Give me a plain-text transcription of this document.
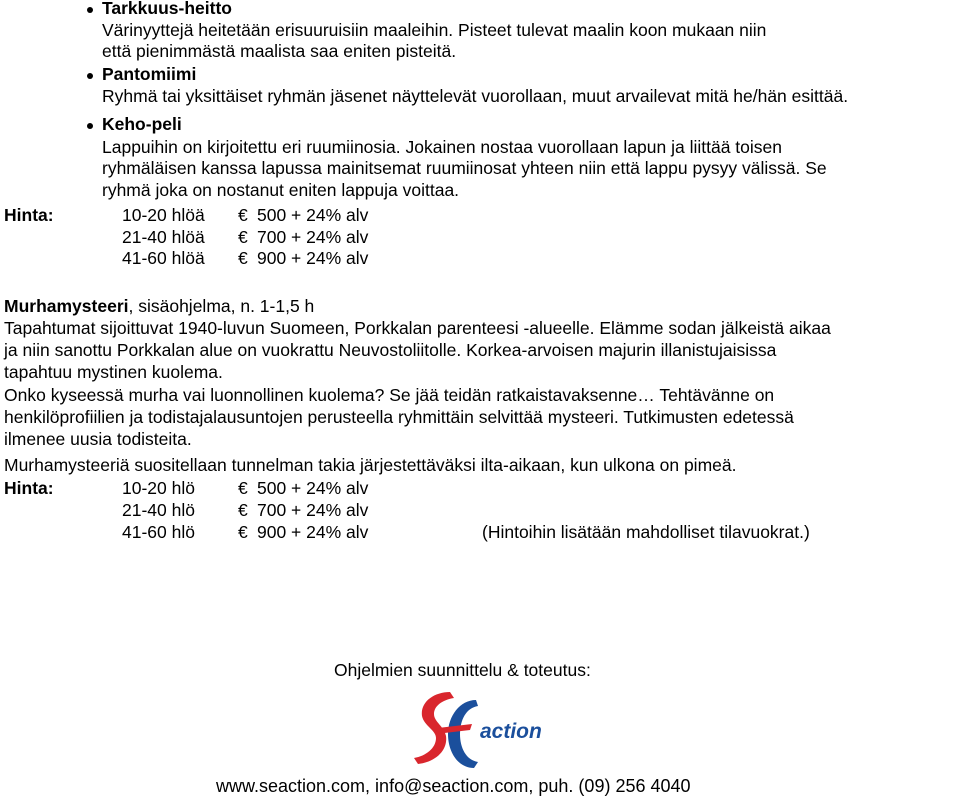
Tarkkuus-heitto
Värinyyttejä heitetään erisuuruisiin maaleihin. Pisteet tulevat maalin koon mukaan niin
että pienimmästä maalista saa eniten pisteitä.
Pantomiimi
Ryhmä tai yksittäiset ryhmän jäsenet näyttelevät vuorollaan, muut arvailevat mitä he/hän esittää.
Keho-peli
Lappuihin on kirjoitettu eri ruumiinosia. Jokainen nostaa vuorollaan lapun ja liittää toisen
ryhmäläisen kanssa lapussa mainitsemat ruumiinosat yhteen niin että lappu pysyy välissä. Se
ryhmä joka on nostanut eniten lappuja voittaa.
Hinta:	10-20 hlöä € 500 + 24% alv
21-40 hlöä € 700 + 24% alv
41-60 hlöä € 900 + 24% alv
Murhamysteeri, sisäohjelma, n. 1-1,5 h
Tapahtumat sijoittuvat 1940-luvun Suomeen, Porkkalan parenteesi -alueelle. Elämme sodan jälkeistä aikaa
ja niin sanottu Porkkalan alue on vuokrattu Neuvostoliitolle. Korkea-arvoisen majurin illanistujaisissa
tapahtuu mystinen kuolema.
Onko kyseessä murha vai luonnollinen kuolema? Se jää teidän ratkaistavaksenne… Tehtävänne on
henkilöprofiilien ja todistajalausuntojen perusteella ryhmittäin selvittää mysteeri. Tutkimusten edetessä
ilmenee uusia todisteita.
Murhamysteeriä suositellaan tunnelman takia järjestettäväksi ilta-aikaan, kun ulkona on pimeä.
Hinta:	10-20 hlö € 500 + 24% alv
21-40 hlö € 700 + 24% alv
41-60 hlö € 900 + 24% alv	(Hintoihin lisätään mahdolliset tilavuokrat.)
Ohjelmien suunnittelu & toteutus:
action
www.seaction.com, info@seaction.com, puh. (09) 256 4040
